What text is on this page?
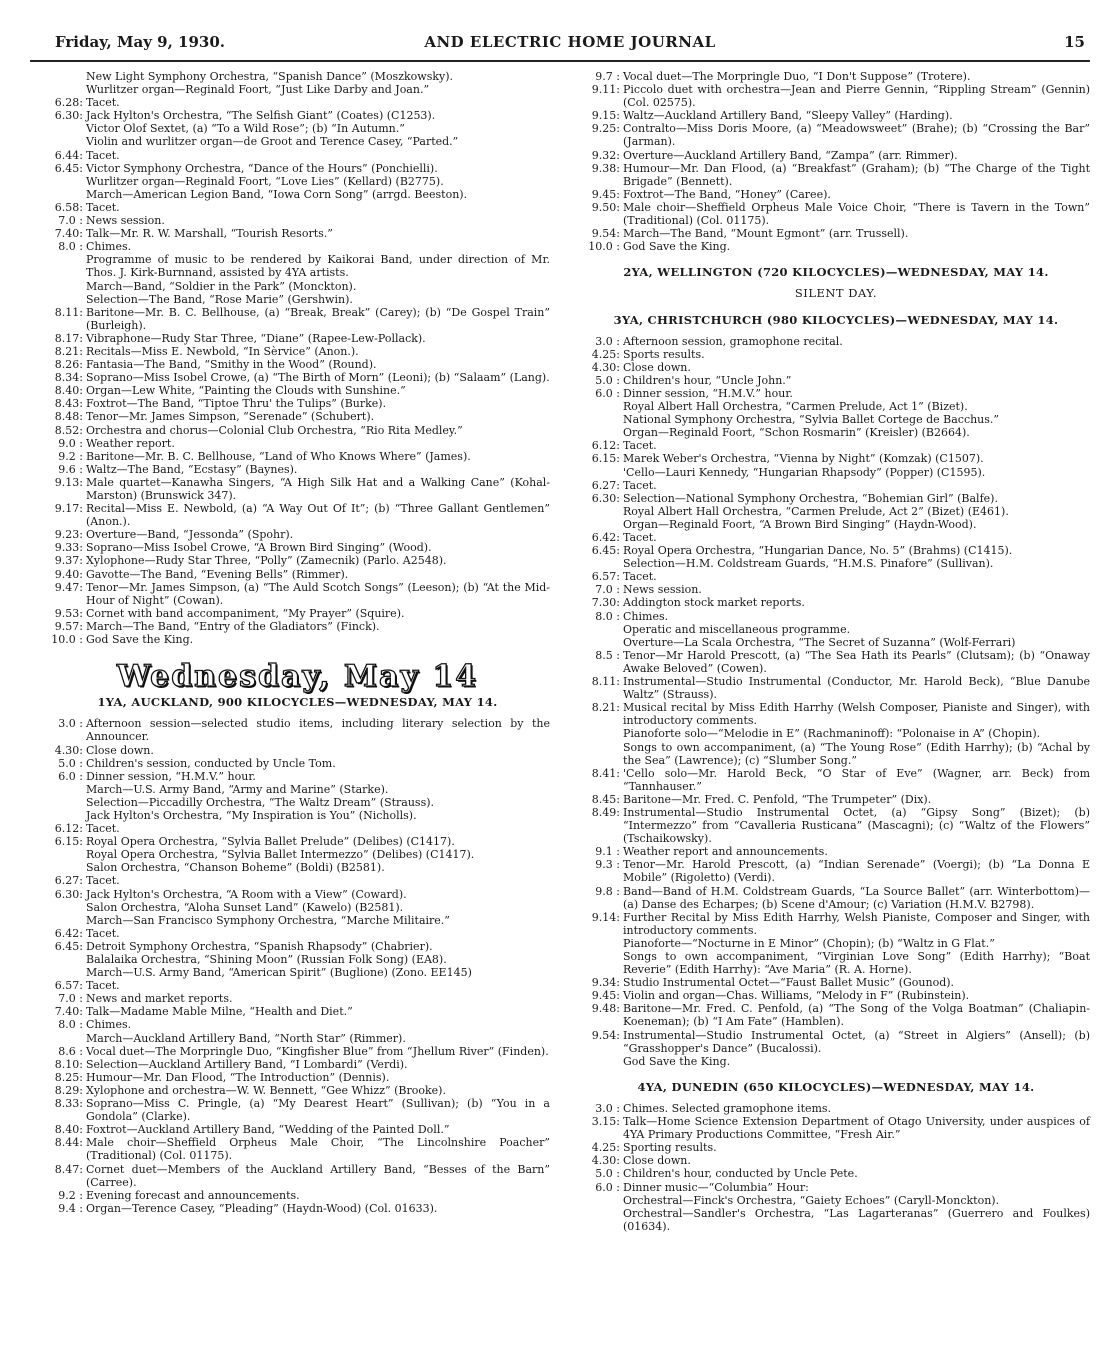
Friday, May 9, 1930.	AND ELECTRIC HOME JOURNAL	15
New Light Symphony Orchestra, “Spanish Dance” (Moszkowsky).
Wurlitzer organ—Reginald Foort, “Just Like Darby and Joan.”
6.28: Tacet.
6.30: Jack Hylton's Orchestra, “The Selfish Giant” (Coates) (C1253).
Victor Olof Sextet, (a) “To a Wild Rose”; (b) “In Autumn.”
Violin and wurlitzer organ—de Groot and Terence Casey, “Parted.”
6.44: Tacet.
6.45: Victor Symphony Orchestra, “Dance of the Hours” (Ponchielli).
Wurlitzer organ—Reginald Foort, “Love Lies” (Kellard) (B2775).
March—American Legion Band, “Iowa Corn Song” (arrgd. Beeston).
6.58: Tacet.
7.0 : News session.
7.40: Talk—Mr. R. W. Marshall, “Tourish Resorts.”
8.0 : Chimes.
Programme of music to be rendered by Kaikorai Band, under direction of Mr. Thos. J. Kirk-Burnnand, assisted by 4YA artists.
March—Band, “Soldier in the Park” (Monckton).
Selection—The Band, “Rose Marie” (Gershwin).
8.11: Baritone—Mr. B. C. Bellhouse, (a) “Break, Break” (Carey); (b) “De Gospel Train” (Burleigh).
8.17: Vibraphone—Rudy Star Three, “Diane” (Rapee-Lew-Pollack).
8.21: Recitals—Miss E. Newbold, “In Sèrvice” (Anon.).
8.26: Fantasia—The Band, “Smithy in the Wood” (Round).
8.34: Soprano—Miss Isobel Crowe, (a) “The Birth of Morn” (Leoni); (b) “Salaam” (Lang).
8.40: Organ—Lew White, “Painting the Clouds with Sunshine.”
8.43: Foxtrot—The Band, “Tiptoe Thru' the Tulips” (Burke).
8.48: Tenor—Mr. James Simpson, “Serenade” (Schubert).
8.52: Orchestra and chorus—Colonial Club Orchestra, “Rio Rita Medley.”
9.0 : Weather report.
9.2 : Baritone—Mr. B. C. Bellhouse, “Land of Who Knows Where” (James).
9.6 : Waltz—The Band, “Ecstasy” (Baynes).
9.13: Male quartet—Kanawha Singers, “A High Silk Hat and a Walking Cane” (Kohal-Marston) (Brunswick 347).
9.17: Recital—Miss E. Newbold, (a) “A Way Out Of It”; (b) “Three Gallant Gentlemen” (Anon.).
9.23: Overture—Band, “Jessonda” (Spohr).
9.33: Soprano—Miss Isobel Crowe, “A Brown Bird Singing” (Wood).
9.37: Xylophone—Rudy Star Three, “Polly” (Zamecnik) (Parlo. A2548).
9.40: Gavotte—The Band, “Evening Bells” (Rimmer).
9.47: Tenor—Mr. James Simpson, (a) “The Auld Scotch Songs” (Leeson); (b) “At the Mid-Hour of Night” (Cowan).
9.53: Cornet with band accompaniment, “My Prayer” (Squire).
9.57: March—The Band, “Entry of the Gladiators” (Finck).
10.0 : God Save the King.
Wednesday, May 14
1YA, AUCKLAND, 900 KILOCYCLES—WEDNESDAY, MAY 14.
3.0 : Afternoon session—selected studio items, including literary selection by the Announcer.
4.30: Close down.
5.0 : Children's session, conducted by Uncle Tom.
6.0 : Dinner session, “H.M.V.” hour.
March—U.S. Army Band, “Army and Marine” (Starke).
Selection—Piccadilly Orchestra, “The Waltz Dream” (Strauss).
Jack Hylton's Orchestra, “My Inspiration is You” (Nicholls).
6.12: Tacet.
6.15: Royal Opera Orchestra, “Sylvia Ballet Prelude” (Delibes) (C1417).
Royal Opera Orchestra, “Sylvia Ballet Intermezzo” (Delibes) (C1417).
Salon Orchestra, “Chanson Boheme” (Boldi) (B2581).
6.27: Tacet.
6.30: Jack Hylton's Orchestra, “A Room with a View” (Coward).
Salon Orchestra, “Aloha Sunset Land” (Kawelo) (B2581).
March—San Francisco Symphony Orchestra, “Marche Militaire.”
6.42: Tacet.
6.45: Detroit Symphony Orchestra, “Spanish Rhapsody” (Chabrier).
Balalaika Orchestra, “Shining Moon” (Russian Folk Song) (EA8).
March—U.S. Army Band, “American Spirit” (Buglione) (Zono. EE145)
6.57: Tacet.
7.0 : News and market reports.
7.40: Talk—Madame Mable Milne, “Health and Diet.”
8.0 : Chimes.
March—Auckland Artillery Band, “North Star” (Rimmer).
8.6 : Vocal duet—The Morpringle Duo, “Kingfisher Blue” from “Jhellum River” (Finden).
8.10: Selection—Auckland Artillery Band, “I Lombardi” (Verdi).
8.25: Humour—Mr. Dan Flood, “The Introduction” (Dennis).
8.29: Xylophone and orchestra—W. W. Bennett, “Gee Whizz” (Brooke).
8.33: Soprano—Miss C. Pringle, (a) “My Dearest Heart” (Sullivan); (b) “You in a Gondola” (Clarke).
8.40: Foxtrot—Auckland Artillery Band, “Wedding of the Painted Doll.”
8.44: Male choir—Sheffield Orpheus Male Choir, “The Lincolnshire Poacher” (Traditional) (Col. 01175).
8.47: Cornet duet—Members of the Auckland Artillery Band, “Besses of the Barn” (Carree).
9.2 : Evening forecast and announcements.
9.4 : Organ—Terence Casey, “Pleading” (Haydn-Wood) (Col. 01633).
9.7 : Vocal duet—The Morpringle Duo, “I Don't Suppose” (Trotere).
9.11: Piccolo duet with orchestra—Jean and Pierre Gennin, “Rippling Stream” (Gennin) (Col. 02575).
9.15: Waltz—Auckland Artillery Band, “Sleepy Valley” (Harding).
9.25: Contralto—Miss Doris Moore, (a) “Meadowsweet” (Brahe); (b) “Crossing the Bar” (Jarman).
9.32: Overture—Auckland Artillery Band, “Zampa” (arr. Rimmer).
9.38: Humour—Mr. Dan Flood, (a) “Breakfast” (Graham); (b) “The Charge of the Tight Brigade” (Bennett).
9.45: Foxtrot—The Band, “Honey” (Caree).
9.50: Male choir—Sheffield Orpheus Male Voice Choir, “There is Tavern in the Town” (Traditional) (Col. 01175).
9.54: March—The Band, “Mount Egmont” (arr. Trussell).
10.0 : God Save the King.
2YA, WELLINGTON (720 KILOCYCLES)—WEDNESDAY, MAY 14.
SILENT DAY.
3YA, CHRISTCHURCH (980 KILOCYCLES)—WEDNESDAY, MAY 14.
3.0 : Afternoon session, gramophone recital.
4.25: Sports results.
4.30: Close down.
5.0 : Children's hour, “Uncle John.”
6.0 : Dinner session, “H.M.V.” hour.
Royal Albert Hall Orchestra, “Carmen Prelude, Act 1” (Bizet).
National Symphony Orchestra, “Sylvia Ballet Cortege de Bacchus.”
Organ—Reginald Foort, “Schon Rosmarin” (Kreisler) (B2664).
6.12: Tacet.
6.15: Marek Weber's Orchestra, “Vienna by Night” (Komzak) (C1507).
'Cello—Lauri Kennedy, “Hungarian Rhapsody” (Popper) (C1595).
6.27: Tacet.
6.30: Selection—National Symphony Orchestra, “Bohemian Girl” (Balfe).
Royal Albert Hall Orchestra, “Carmen Prelude, Act 2” (Bizet) (E461).
Organ—Reginald Foort, “A Brown Bird Singing” (Haydn-Wood).
6.42: Tacet.
6.45: Royal Opera Orchestra, “Hungarian Dance, No. 5” (Brahms) (C1415).
Selection—H.M. Coldstream Guards, “H.M.S. Pinafore” (Sullivan).
6.57: Tacet.
7.0 : News session.
7.30: Addington stock market reports.
8.0 : Chimes.
Operatic and miscellaneous programme.
Overture—La Scala Orchestra, “The Secret of Suzanna” (Wolf-Ferrari)
8.5 : Tenor—Mr Harold Prescott, (a) “The Sea Hath its Pearls” (Clutsam); (b) “Onaway Awake Beloved” (Cowen).
8.11: Instrumental—Studio Instrumental (Conductor, Mr. Harold Beck), “Blue Danube Waltz” (Strauss).
8.21: Musical recital by Miss Edith Harrhy (Welsh Composer, Pianiste and Singer), with introductory comments.
Pianoforte solo—“Melodie in E” (Rachmaninoff): “Polonaise in A” (Chopin).
Songs to own accompaniment, (a) “The Young Rose” (Edith Harrhy); (b) “Achal by the Sea” (Lawrence); (c) “Slumber Song.”
8.41: 'Cello solo—Mr. Harold Beck, “O Star of Eve” (Wagner, arr. Beck) from “Tannhauser.”
8.45: Baritone—Mr. Fred. C. Penfold, “The Trumpeter” (Dix).
8.49: Instrumental—Studio Instrumental Octet, (a) “Gipsy Song” (Bizet); (b) “Intermezzo” from “Cavalleria Rusticana” (Mascagni); (c) “Waltz of the Flowers” (Tschaikowsky).
9.1 : Weather report and announcements.
9.3 : Tenor—Mr. Harold Prescott, (a) “Indian Serenade” (Voergi); (b) “La Donna E Mobile” (Rigoletto) (Verdi).
9.8 : Band—Band of H.M. Coldstream Guards, “La Source Ballet” (arr. Winterbottom)—(a) Danse des Echarpes; (b) Scene d'Amour; (c) Variation (H.M.V. B2798).
9.14: Further Recital by Miss Edith Harrhy, Welsh Pianiste, Composer and Singer, with introductory comments.
Pianoforte—“Nocturne in E Minor” (Chopin); (b) “Waltz in G Flat.”
Songs to own accompaniment, “Virginian Love Song” (Edith Harrhy); “Boat Reverie” (Edith Harrhy): “Ave Maria” (R. A. Horne).
9.34: Studio Instrumental Octet—“Faust Ballet Music” (Gounod).
9.45: Violin and organ—Chas. Williams, “Melody in F” (Rubinstein).
9.48: Baritone—Mr. Fred. C. Penfold, (a) “The Song of the Volga Boatman” (Chaliapin-Koeneman); (b) “I Am Fate” (Hamblen).
9.54: Instrumental—Studio Instrumental Octet, (a) “Street in Algiers” (Ansell); (b) “Grasshopper's Dance” (Bucalossi).
God Save the King.
4YA, DUNEDIN (650 KILOCYCLES)—WEDNESDAY, MAY 14.
3.0 : Chimes. Selected gramophone items.
3.15: Talk—Home Science Extension Department of Otago University, under auspices of 4YA Primary Productions Committee, “Fresh Air.”
4.25: Sporting results.
4.30: Close down.
5.0 : Children's hour, conducted by Uncle Pete.
6.0 : Dinner music—“Columbia” Hour:
Orchestral—Finck's Orchestra, “Gaiety Echoes” (Caryll-Monckton).
Orchestral—Sandler's Orchestra, “Las Lagarteranas” (Guerrero and Foulkes) (01634).
